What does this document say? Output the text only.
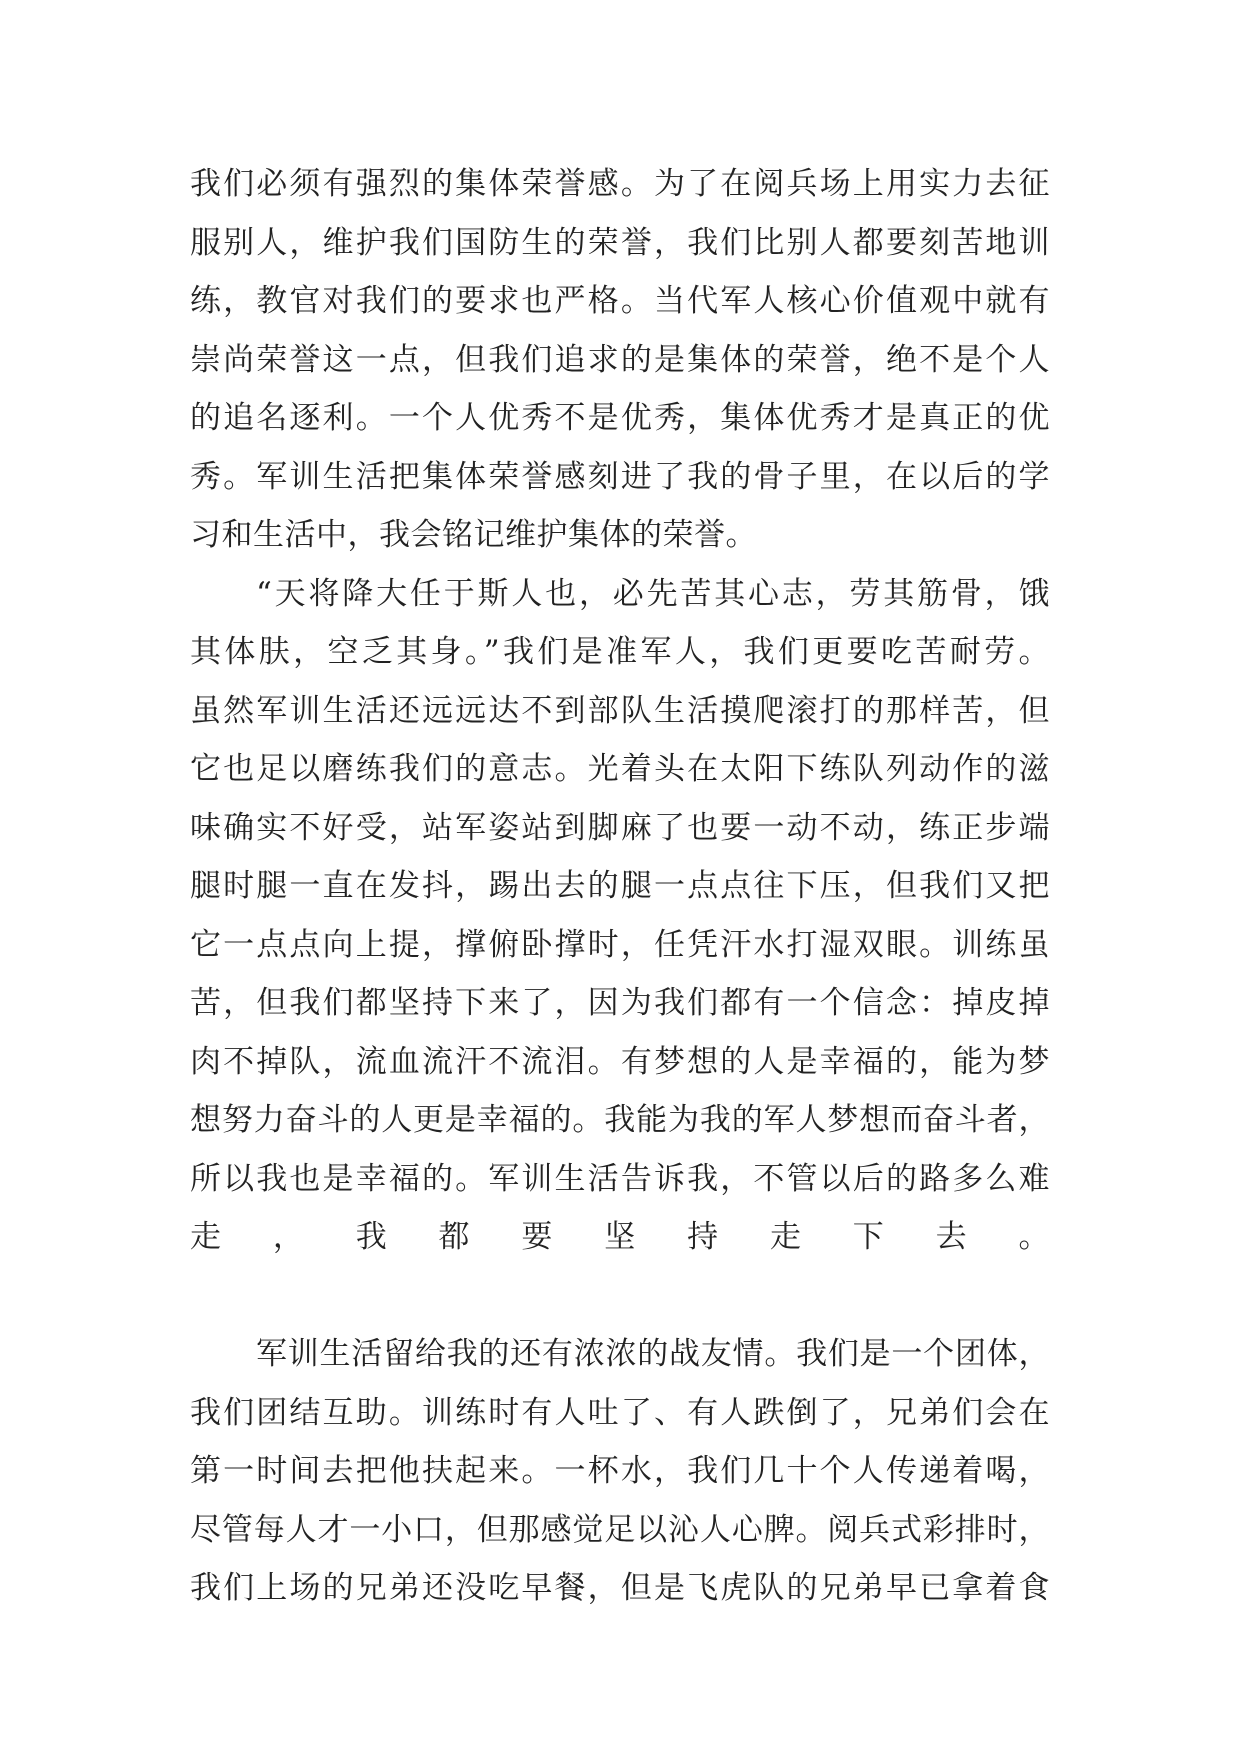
我们必须有强烈的集体荣誉感。为了在阅兵场上用实力去征
服别人，维护我们国防生的荣誉，我们比别人都要刻苦地训
练，教官对我们的要求也严格。当代军人核心价值观中就有
崇尚荣誉这一点，但我们追求的是集体的荣誉，绝不是个人
的追名逐利。一个人优秀不是优秀，集体优秀才是真正的优
秀。军训生活把集体荣誉感刻进了我的骨子里，在以后的学
习和生活中，我会铭记维护集体的荣誉。
“天将降大任于斯人也，必先苦其心志，劳其筋骨，饿
其体肤，空乏其身。”我们是准军人，我们更要吃苦耐劳。
虽然军训生活还远远达不到部队生活摸爬滚打的那样苦，但
它也足以磨练我们的意志。光着头在太阳下练队列动作的滋
味确实不好受，站军姿站到脚麻了也要一动不动，练正步端
腿时腿一直在发抖，踢出去的腿一点点往下压，但我们又把
它一点点向上提，撑俯卧撑时，任凭汗水打湿双眼。训练虽
苦，但我们都坚持下来了，因为我们都有一个信念：掉皮掉
肉不掉队，流血流汗不流泪。有梦想的人是幸福的，能为梦
想努力奋斗的人更是幸福的。我能为我的军人梦想而奋斗者，
所以我也是幸福的。军训生活告诉我，不管以后的路多么难
走，我都要坚持走下去。
军训生活留给我的还有浓浓的战友情。我们是一个团体，
我们团结互助。训练时有人吐了、有人跌倒了，兄弟们会在
第一时间去把他扶起来。一杯水，我们几十个人传递着喝，
尽管每人才一小口，但那感觉足以沁人心脾。阅兵式彩排时，
我们上场的兄弟还没吃早餐，但是飞虎队的兄弟早已拿着食
